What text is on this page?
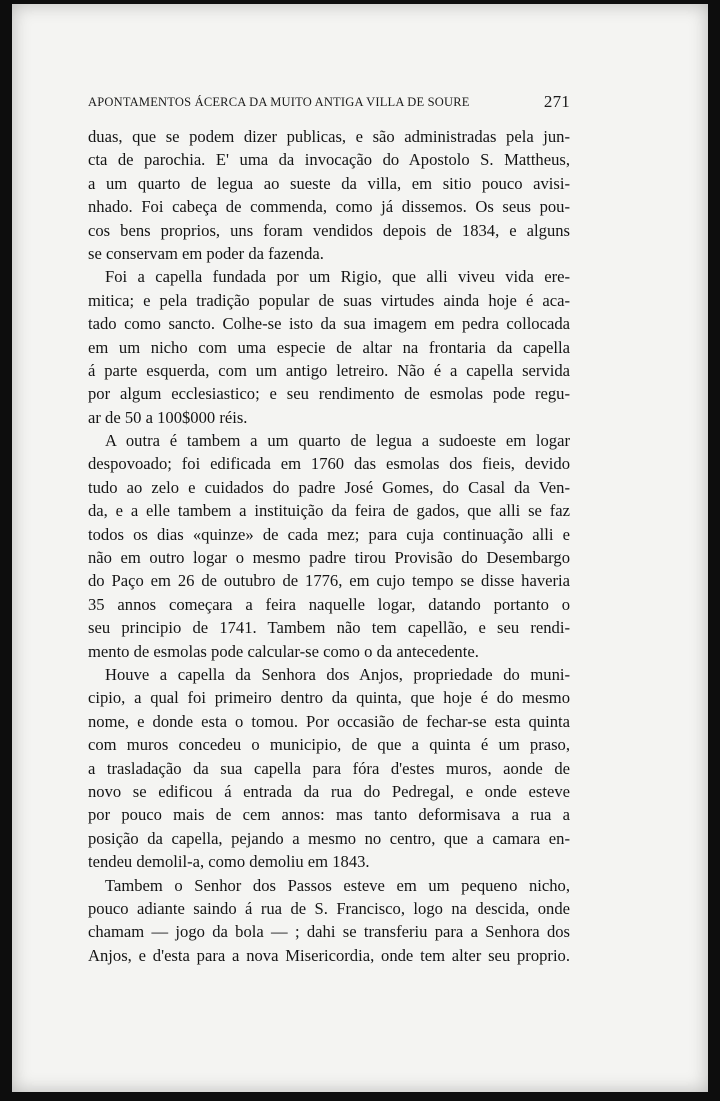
APONTAMENTOS ÁCERCA DA MUITO ANTIGA VILLA DE SOURE	271
duas, que se podem dizer publicas, e são administradas pela jun-
cta de parochia. E' uma da invocação do Apostolo S. Mattheus,
a um quarto de legua ao sueste da villa, em sitio pouco avisi-
nhado. Foi cabeça de commenda, como já dissemos. Os seus pou-
cos bens proprios, uns foram vendidos depois de 1834, e alguns
se conservam em poder da fazenda.
Foi a capella fundada por um Rigio, que alli viveu vida ere-
mitica; e pela tradição popular de suas virtudes ainda hoje é aca-
tado como sancto. Colhe-se isto da sua imagem em pedra collocada
em um nicho com uma especie de altar na frontaria da capella
á parte esquerda, com um antigo letreiro. Não é a capella servida
por algum ecclesiastico; e seu rendimento de esmolas pode regu-
ar de 50 a 100$000 réis.
A outra é tambem a um quarto de legua a sudoeste em logar
despovoado; foi edificada em 1760 das esmolas dos fieis, devido
tudo ao zelo e cuidados do padre José Gomes, do Casal da Ven-
da, e a elle tambem a instituição da feira de gados, que alli se faz
todos os dias «quinze» de cada mez; para cuja continuação alli e
não em outro logar o mesmo padre tirou Provisão do Desembargo
do Paço em 26 de outubro de 1776, em cujo tempo se disse haveria
35 annos começara a feira naquelle logar, datando portanto o
seu principio de 1741. Tambem não tem capellão, e seu rendi-
mento de esmolas pode calcular-se como o da antecedente.
Houve a capella da Senhora dos Anjos, propriedade do muni-
cipio, a qual foi primeiro dentro da quinta, que hoje é do mesmo
nome, e donde esta o tomou. Por occasião de fechar-se esta quinta
com muros concedeu o municipio, de que a quinta é um praso,
a trasladação da sua capella para fóra d'estes muros, aonde de
novo se edificou á entrada da rua do Pedregal, e onde esteve
por pouco mais de cem annos: mas tanto deformisava a rua a
posição da capella, pejando a mesmo no centro, que a camara en-
tendeu demolil-a, como demoliu em 1843.
Tambem o Senhor dos Passos esteve em um pequeno nicho,
pouco adiante saindo á rua de S. Francisco, logo na descida, onde
chamam — jogo da bola — ; dahi se transferiu para a Senhora dos
Anjos, e d'esta para a nova Misericordia, onde tem alter seu proprio.
